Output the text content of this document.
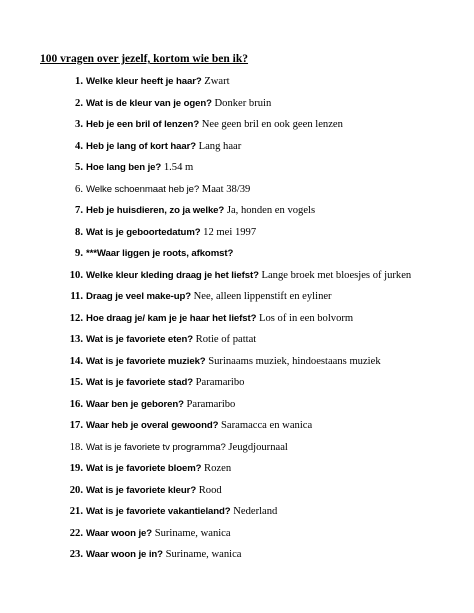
100 vragen over jezelf, kortom wie ben ik?
1. Welke kleur heeft je haar? Zwart
2. Wat is de kleur van je ogen? Donker bruin
3. Heb je een bril of lenzen? Nee geen bril en ook geen lenzen
4. Heb je lang of kort haar? Lang haar
5. Hoe lang ben je? 1.54 m
6. Welke schoenmaat heb je? Maat 38/39
7. Heb je huisdieren, zo ja welke? Ja, honden en vogels
8. Wat is je geboortedatum? 12 mei 1997
9. ***Waar liggen je roots, afkomst?
10. Welke kleur kleding draag je het liefst? Lange broek met bloesjes of jurken
11. Draag je veel make-up? Nee, alleen lippenstift en eyliner
12. Hoe draag je/ kam je je haar het liefst? Los of in een bolvorm
13. Wat is je favoriete eten? Rotie of pattat
14. Wat is je favoriete muziek? Surinaams muziek, hindoestaans muziek
15. Wat is je favoriete stad? Paramaribo
16. Waar ben je geboren? Paramaribo
17. Waar heb je overal gewoond? Saramacca en wanica
18. Wat is je favoriete tv programma? Jeugdjournaal
19. Wat is je favoriete bloem? Rozen
20. Wat is je favoriete kleur? Rood
21. Wat is je favoriete vakantieland? Nederland
22. Waar woon je? Suriname, wanica
23. Waar woon je in? Suriname, wanica
